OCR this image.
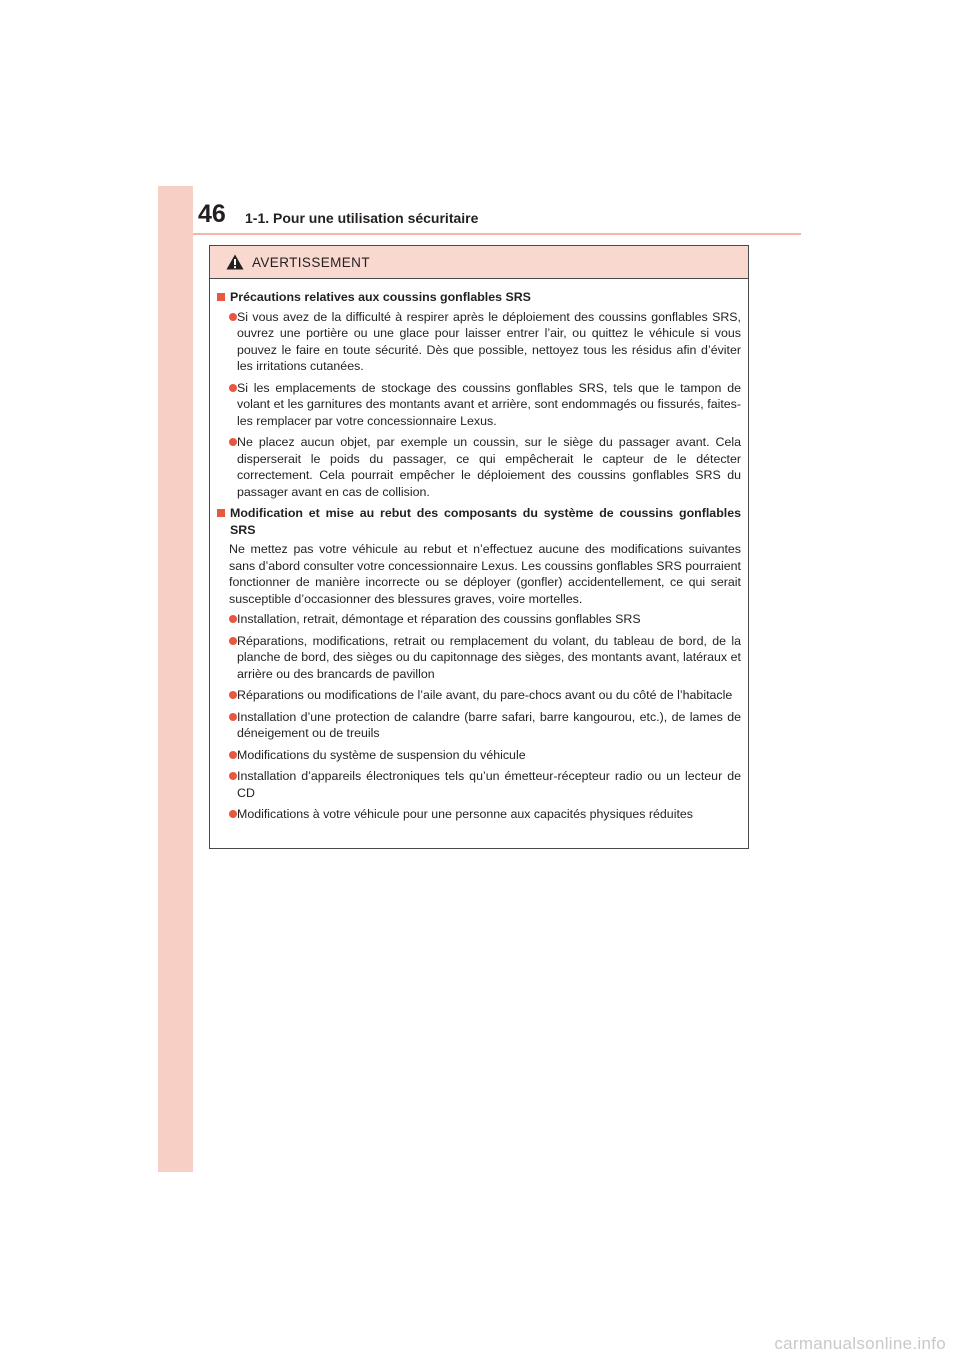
46 1-1. Pour une utilisation sécuritaire
AVERTISSEMENT
Précautions relatives aux coussins gonflables SRS
Si vous avez de la difficulté à respirer après le déploiement des coussins gonflables SRS, ouvrez une portière ou une glace pour laisser entrer l’air, ou quittez le véhicule si vous pouvez le faire en toute sécurité. Dès que possible, nettoyez tous les résidus afin d’éviter les irritations cutanées.
Si les emplacements de stockage des coussins gonflables SRS, tels que le tampon de volant et les garnitures des montants avant et arrière, sont endommagés ou fissurés, faites-les remplacer par votre concessionnaire Lexus.
Ne placez aucun objet, par exemple un coussin, sur le siège du passager avant. Cela disperserait le poids du passager, ce qui empêcherait le capteur de le détecter correctement. Cela pourrait empêcher le déploiement des coussins gonflables SRS du passager avant en cas de collision.
Modification et mise au rebut des composants du système de coussins gonflables SRS
Ne mettez pas votre véhicule au rebut et n’effectuez aucune des modifications suivantes sans d’abord consulter votre concessionnaire Lexus. Les coussins gonflables SRS pourraient fonctionner de manière incorrecte ou se déployer (gonfler) accidentellement, ce qui serait susceptible d’occasionner des blessures graves, voire mortelles.
Installation, retrait, démontage et réparation des coussins gonflables SRS
Réparations, modifications, retrait ou remplacement du volant, du tableau de bord, de la planche de bord, des sièges ou du capitonnage des sièges, des montants avant, latéraux et arrière ou des brancards de pavillon
Réparations ou modifications de l’aile avant, du pare-chocs avant ou du côté de l’habitacle
Installation d’une protection de calandre (barre safari, barre kangourou, etc.), de lames de déneigement ou de treuils
Modifications du système de suspension du véhicule
Installation d’appareils électroniques tels qu’un émetteur-récepteur radio ou un lecteur de CD
Modifications à votre véhicule pour une personne aux capacités physiques réduites
carmanualsonline.info
